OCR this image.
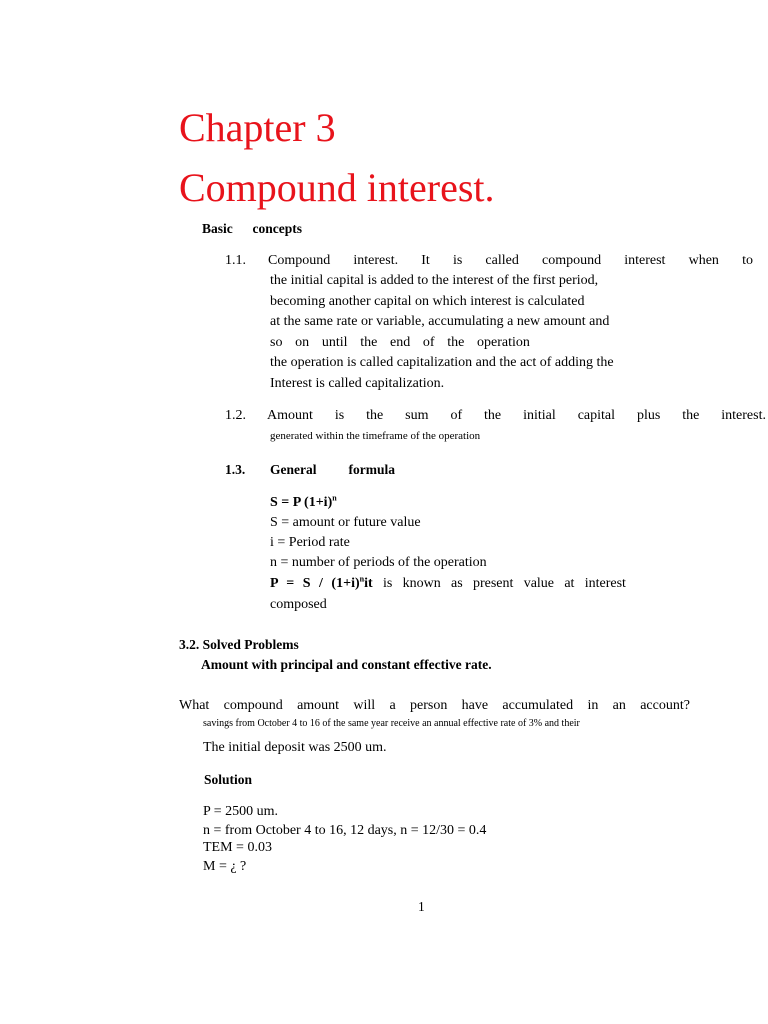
Chapter 3
Compound interest.
Basic concepts
1.1. Compound interest. It is called compound interest when to
the initial capital is added to the interest of the first period,
becoming another capital on which interest is calculated
at the same rate or variable, accumulating a new amount and
so on until the end of the operation
the operation is called capitalization and the act of adding the
Interest is called capitalization.
1.2. Amount is the sum of the initial capital plus the interest.
generated within the timeframe of the operation
1.3. General formula
S = P $(1+i)^n$
S = amount or future value
i = Period rate
n = number of periods of the operation
$P = S / (1+i)^nit$ is known as present value at interest
composed
3.2. Solved Problems
Amount with principal and constant effective rate.
What compound amount will a person have accumulated in an account?
savings from October 4 to 16 of the same year receive an annual effective rate of 3% and their
The initial deposit was 2500 um.
Solution
P = 2500 um.
n = from October 4 to 16, 12 days, n = 12/30 = 0.4
TEM = 0.03
M = ¿ ?
1
